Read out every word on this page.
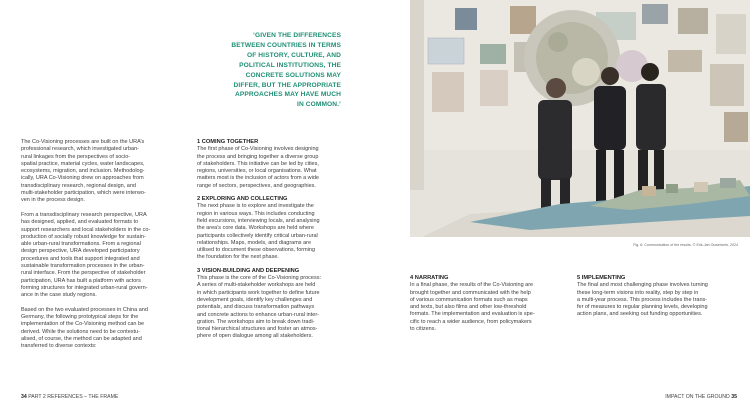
‘GIVEN THE DIFFERENCES
BETWEEN COUNTRIES IN TERMS
OF HISTORY, CULTURE, AND
POLITICAL INSTITUTIONS, THE
CONCRETE SOLUTIONS MAY
DIFFER, BUT THE APPROPRIATE
APPROACHES MAY HAVE MUCH
IN COMMON.’

The Co-Visioning processes are built on the URA’s
professional research, which investigated urban-
rural linkages from the perspectives of socio-
spatial practice, material cycles, water landscapes,
ecosystems, migration, and inclusion. Methodolog-
ically, URA Co-Visioning drew on approaches from
transdisciplinary research, regional design, and
multi-stakeholder participation, which were interwo-
ven in the process design.

From a transdisciplinary research perspective, URA
has designed, applied, and evaluated formats to
support researchers and local stakeholders in the co-
production of socially robust knowledge for sustain-
able urban-rural transformations. From a regional
design perspective, URA developed participatory
procedures and tools that support integrated and
sustainable transformation processes in the urban-
rural interface. From the perspective of stakeholder
participation, URA has built a platform with actors
forming structures for integrated urban-rural govern-
ance in the case study regions.

Based on the two evaluated processes in China and
Germany, the following prototypical steps for the
implementation of the Co-Visioning method can be
derived. While the solutions need to be contextu-
alised, of course, the method can be adapted and
transferred to diverse contexts:

1 COMING TOGETHER

The first phase of Co-Visioning involves designing
the process and bringing together a diverse group
of stakeholders. This initiative can be led by cities,
regions, universities, or local organisations. What
matters most is the inclusion of actors from a wide
range of sectors, perspectives, and geographies.

2 EXPLORING AND COLLECTING

The next phase is to explore and investigate the
region in various ways. This includes conducting
field excursions, interviewing locals, and analysing
the area’s core data. Workshops are held where
participants collectively identify critical urban-rural
relationships. Maps, models, and diagrams are
utilised to document these observations, forming
the foundation for the next phase.

3 VISION-BUILDING AND DEEPENING

This phase is the core of the Co-Visioning process:
A series of multi-stakeholder workshops are held
in which participants work together to define future
development goals, identify key challenges and
potentials, and discuss transformation pathways
and concrete actions to enhance urban-rural inter-
gration. The workshops aim to break down tradi-
tional hierarchical structures and foster an atmos-
phere of open dialogue among all stakeholders.

Fig. 6: Communication of the results. © Erik-Jan Ouwerkerk, 2024
4 NARRATING

In a final phase, the results of the Co-Visioning are
brought together and communicated with the help
of various communication formats such as maps
and texts, but also films and other low-threshold
formats. The implementation and evaluation is spe-
cific to reach a wider audience, from policymakers
to citizens.

5 IMPLEMENTING

The final and most challenging phase involves turning
these long-term visions into reality, step by step in
a multi-year process. This process includes the trans-
fer of measures to regular planning levels, developing
action plans, and seeking out funding opportunities.

34 PART 2 REFERENCES – THE FRAME	IMPACT ON THE GROUND 35
